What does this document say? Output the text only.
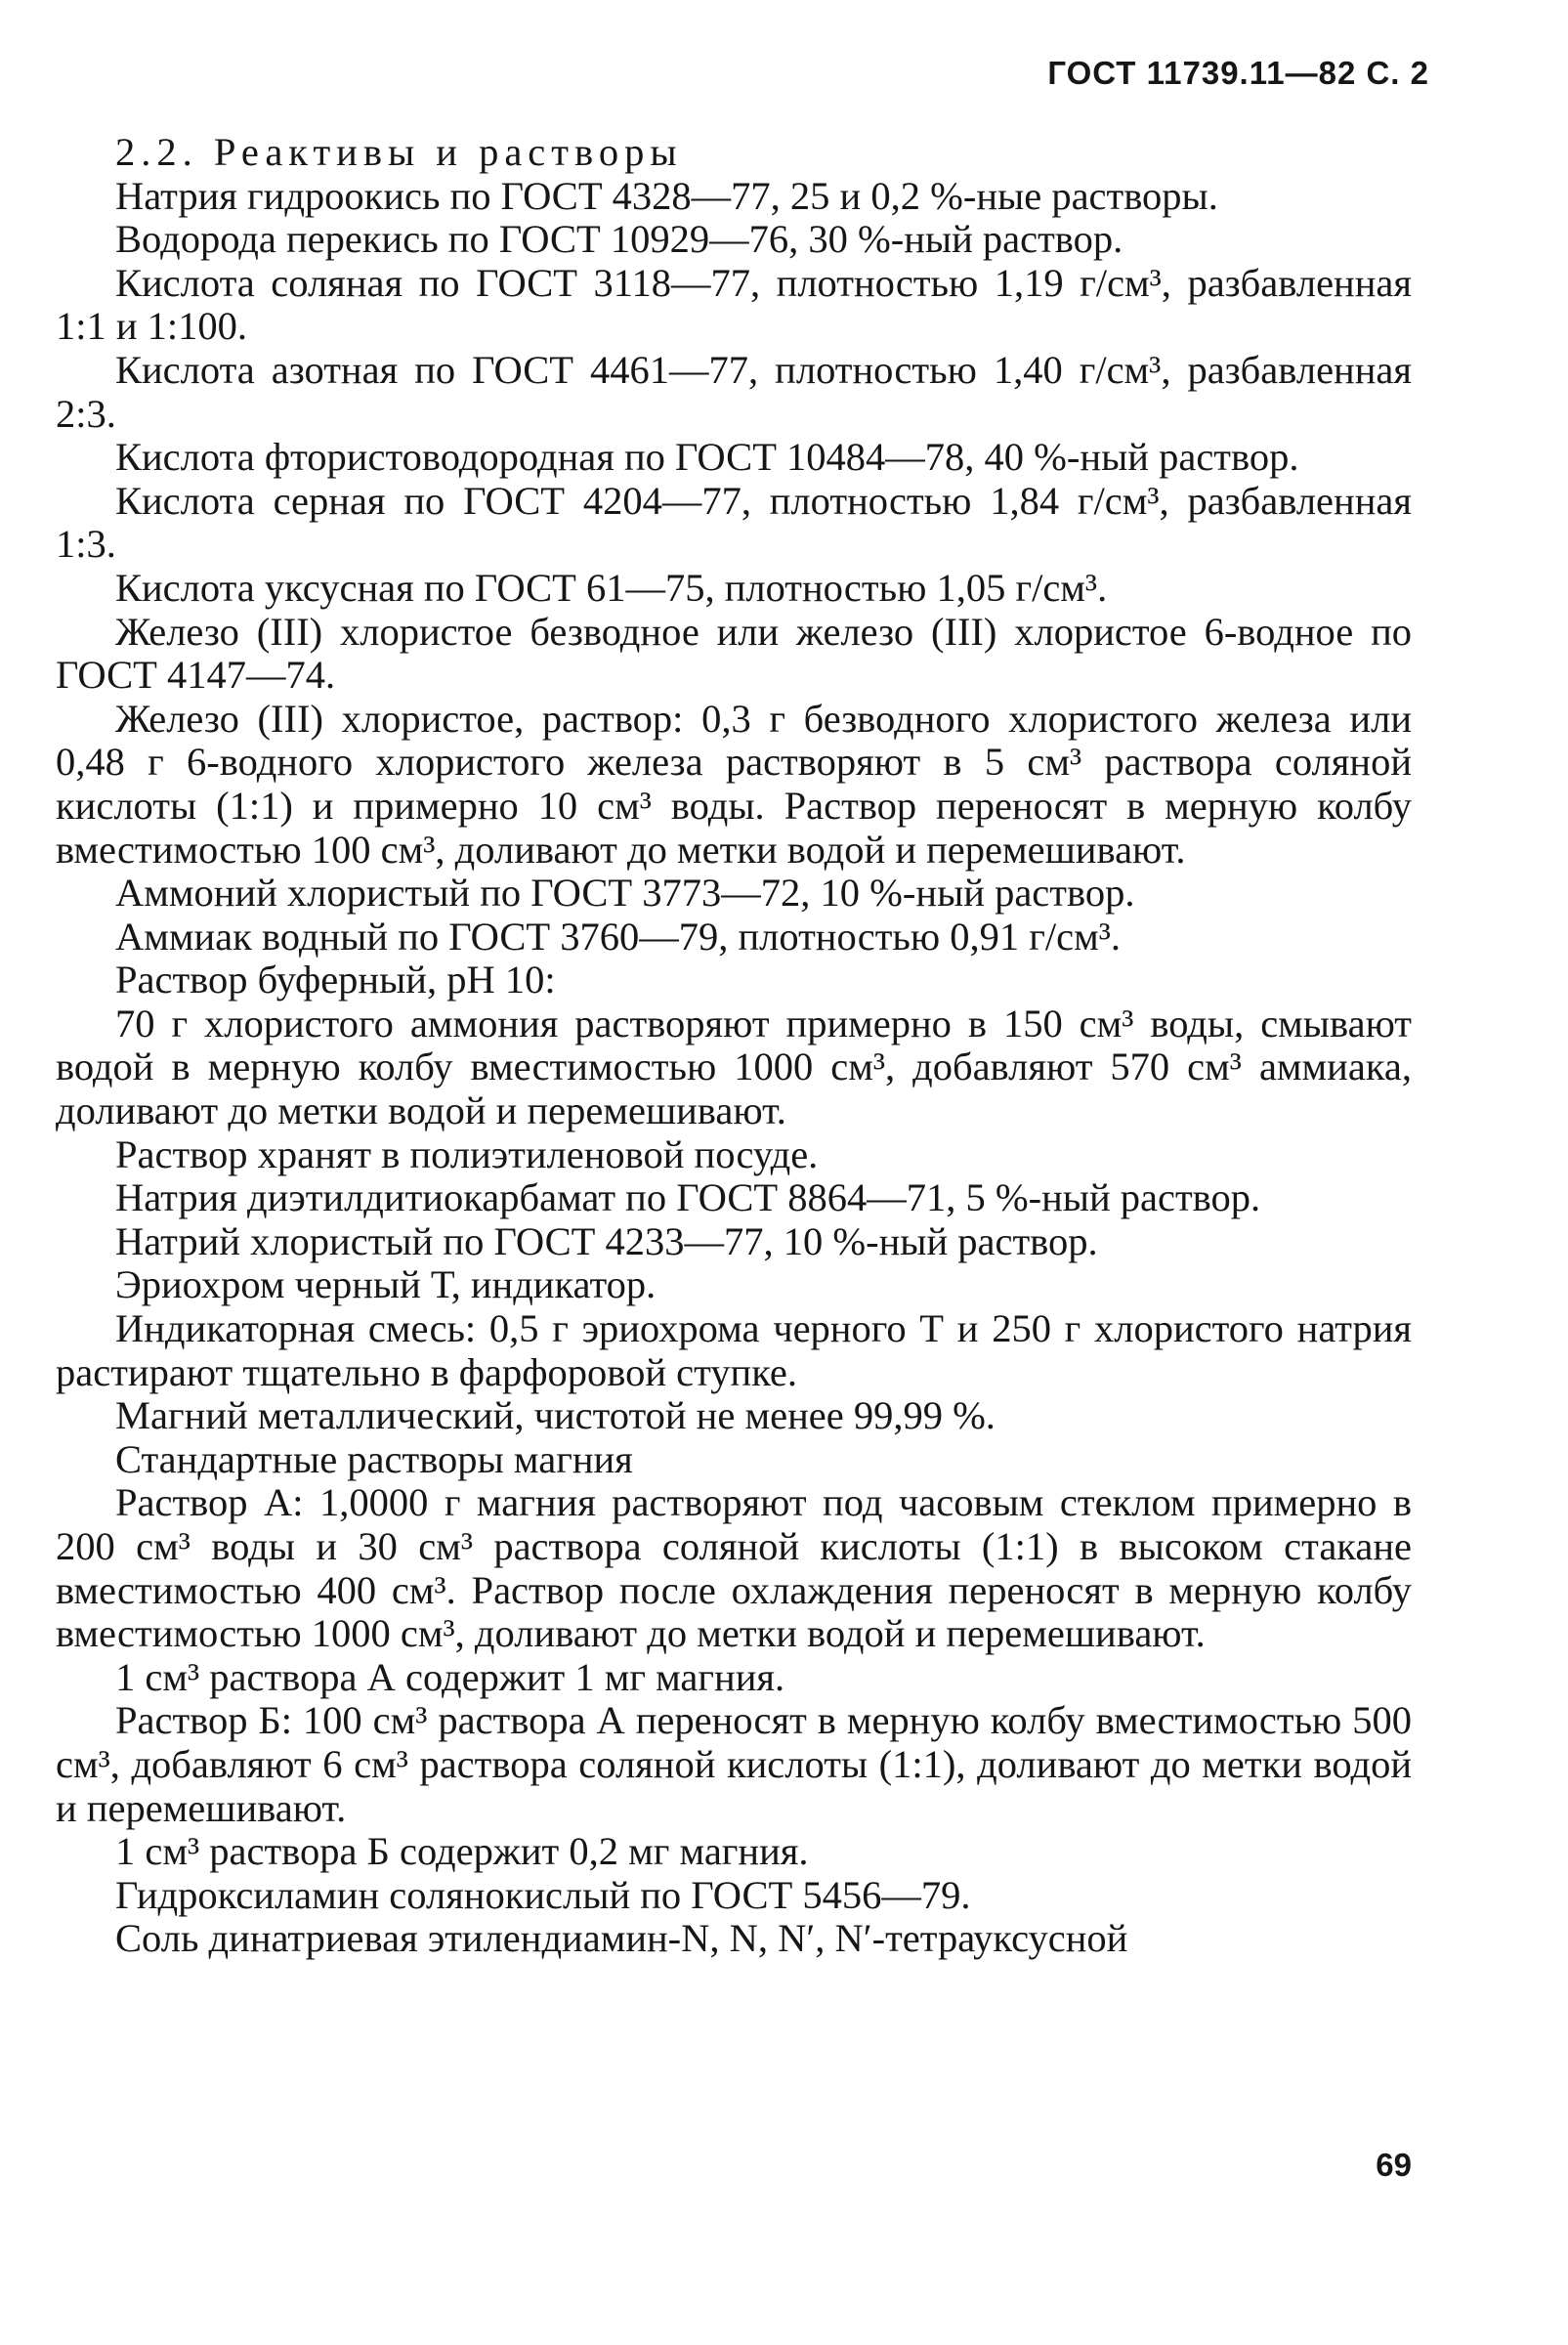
ГОСТ 11739.11—82 С. 2

2.2. Реактивы и растворы

Натрия гидроокись по ГОСТ 4328—77, 25 и 0,2 %-ные растворы.

Водорода перекись по ГОСТ 10929—76, 30 %-ный раствор.

Кислота соляная по ГОСТ 3118—77, плотностью 1,19 г/см³, разбавленная 1:1 и 1:100.

Кислота азотная по ГОСТ 4461—77, плотностью 1,40 г/см³, разбавленная 2:3.

Кислота фтористоводородная по ГОСТ 10484—78, 40 %-ный раствор.

Кислота серная по ГОСТ 4204—77, плотностью 1,84 г/см³, разбавленная 1:3.

Кислота уксусная по ГОСТ 61—75, плотностью 1,05 г/см³.

Железо (III) хлористое безводное или железо (III) хлористое 6-водное по ГОСТ 4147—74.

Железо (III) хлористое, раствор: 0,3 г безводного хлористого железа или 0,48 г 6-водного хлористого железа растворяют в 5 см³ раствора соляной кислоты (1:1) и примерно 10 см³ воды. Раствор переносят в мерную колбу вместимостью 100 см³, доливают до метки водой и перемешивают.

Аммоний хлористый по ГОСТ 3773—72, 10 %-ный раствор.

Аммиак водный по ГОСТ 3760—79, плотностью 0,91 г/см³.

Раствор буферный, pH 10:

70 г хлористого аммония растворяют примерно в 150 см³ воды, смывают водой в мерную колбу вместимостью 1000 см³, добавляют 570 см³ аммиака, доливают до метки водой и перемешивают.

Раствор хранят в полиэтиленовой посуде.

Натрия диэтилдитиокарбамат по ГОСТ 8864—71, 5 %-ный раствор.

Натрий хлористый по ГОСТ 4233—77, 10 %-ный раствор.

Эриохром черный Т, индикатор.

Индикаторная смесь: 0,5 г эриохрома черного Т и 250 г хлористого натрия растирают тщательно в фарфоровой ступке.

Магний металлический, чистотой не менее 99,99 %.

Стандартные растворы магния

Раствор А: 1,0000 г магния растворяют под часовым стеклом примерно в 200 см³ воды и 30 см³ раствора соляной кислоты (1:1) в высоком стакане вместимостью 400 см³. Раствор после охлаждения переносят в мерную колбу вместимостью 1000 см³, доливают до метки водой и перемешивают.

1 см³ раствора А содержит 1 мг магния.

Раствор Б: 100 см³ раствора А переносят в мерную колбу вместимостью 500 см³, добавляют 6 см³ раствора соляной кислоты (1:1), доливают до метки водой и перемешивают.

1 см³ раствора Б содержит 0,2 мг магния.

Гидроксиламин солянокислый по ГОСТ 5456—79.

Соль динатриевая этилендиамин-N, N, N′, N′-тетрауксусной

69
